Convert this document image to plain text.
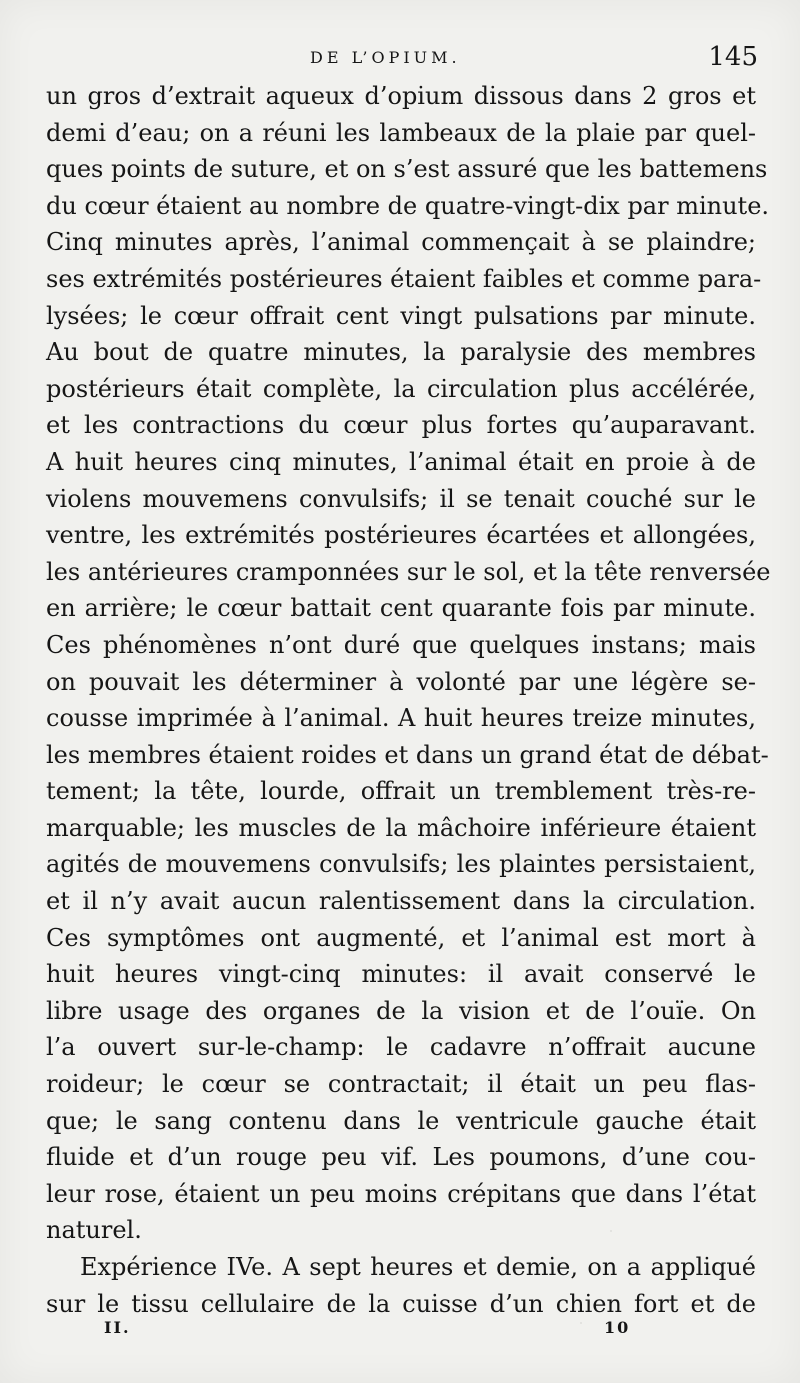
DE L’OPIUM.	145
un gros d’extrait aqueux d’opium dissous dans 2 gros et
demi d’eau; on a réuni les lambeaux de la plaie par quel-
ques points de suture, et on s’est assuré que les battemens
du cœur étaient au nombre de quatre-vingt-dix par minute.
Cinq minutes après, l’animal commençait à se plaindre;
ses extrémités postérieures étaient faibles et comme para-
lysées; le cœur offrait cent vingt pulsations par minute.
Au bout de quatre minutes, la paralysie des membres
postérieurs était complète, la circulation plus accélérée,
et les contractions du cœur plus fortes qu’auparavant.
A huit heures cinq minutes, l’animal était en proie à de
violens mouvemens convulsifs; il se tenait couché sur le
ventre, les extrémités postérieures écartées et allongées,
les antérieures cramponnées sur le sol, et la tête renversée
en arrière; le cœur battait cent quarante fois par minute.
Ces phénomènes n’ont duré que quelques instans; mais
on pouvait les déterminer à volonté par une légère se-
cousse imprimée à l’animal. A huit heures treize minutes,
les membres étaient roides et dans un grand état de débat-
tement; la tête, lourde, offrait un tremblement très-re-
marquable; les muscles de la mâchoire inférieure étaient
agités de mouvemens convulsifs; les plaintes persistaient,
et il n’y avait aucun ralentissement dans la circulation.
Ces symptômes ont augmenté, et l’animal est mort à
huit heures vingt-cinq minutes: il avait conservé le
libre usage des organes de la vision et de l’ouïe. On
l’a ouvert sur-le-champ: le cadavre n’offrait aucune
roideur; le cœur se contractait; il était un peu flas-
que; le sang contenu dans le ventricule gauche était
fluide et d’un rouge peu vif. Les poumons, d’une cou-
leur rose, étaient un peu moins crépitans que dans l’état
naturel.
Expérience IVe. A sept heures et demie, on a appliqué
sur le tissu cellulaire de la cuisse d’un chien fort et de
II.	10
